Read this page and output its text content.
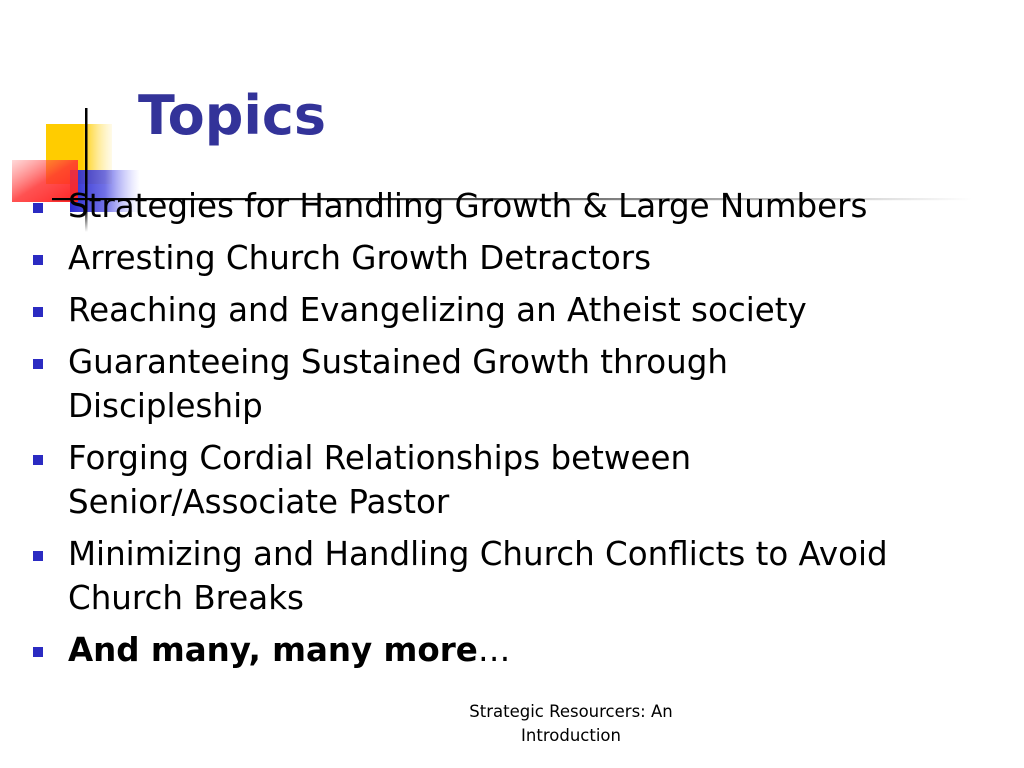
Topics
Strategies for Handling Growth & Large Numbers
Arresting Church Growth Detractors
Reaching and Evangelizing an Atheist society
Guaranteeing Sustained Growth through Discipleship
Forging Cordial Relationships between Senior/Associate Pastor
Minimizing and Handling Church Conflicts to Avoid Church Breaks
And many, many more…
Strategic Resourcers: An
Introduction
